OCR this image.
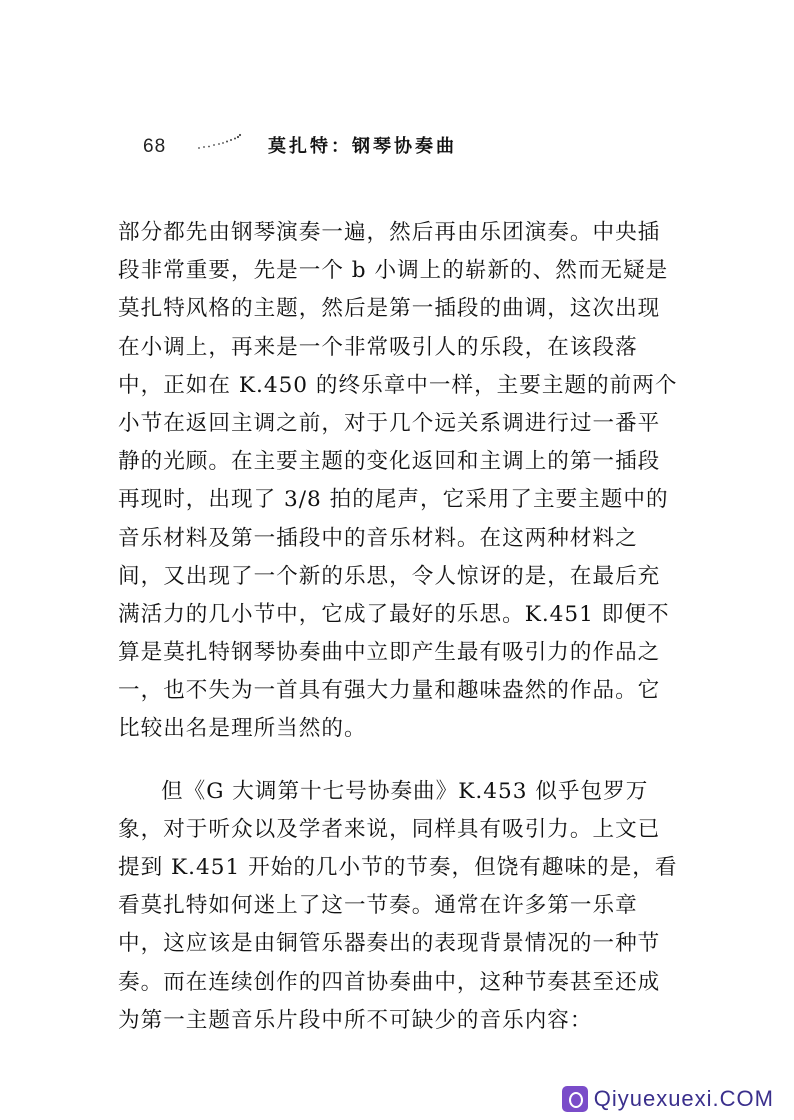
68	莫扎特：钢琴协奏曲
部分都先由钢琴演奏一遍，然后再由乐团演奏。中央插
段非常重要，先是一个 b 小调上的崭新的、然而无疑是
莫扎特风格的主题，然后是第一插段的曲调，这次出现
在小调上，再来是一个非常吸引人的乐段，在该段落
中，正如在 K.450 的终乐章中一样，主要主题的前两个
小节在返回主调之前，对于几个远关系调进行过一番平
静的光顾。在主要主题的变化返回和主调上的第一插段
再现时，出现了 3/8 拍的尾声，它采用了主要主题中的
音乐材料及第一插段中的音乐材料。在这两种材料之
间，又出现了一个新的乐思，令人惊讶的是，在最后充
满活力的几小节中，它成了最好的乐思。K.451 即便不
算是莫扎特钢琴协奏曲中立即产生最有吸引力的作品之
一，也不失为一首具有强大力量和趣味盎然的作品。它
比较出名是理所当然的。
但《G 大调第十七号协奏曲》K.453 似乎包罗万
象，对于听众以及学者来说，同样具有吸引力。上文已
提到 K.451 开始的几小节的节奏，但饶有趣味的是，看
看莫扎特如何迷上了这一节奏。通常在许多第一乐章
中，这应该是由铜管乐器奏出的表现背景情况的一种节
奏。而在连续创作的四首协奏曲中，这种节奏甚至还成
为第一主题音乐片段中所不可缺少的音乐内容：
Qiyuexuexi.COM
